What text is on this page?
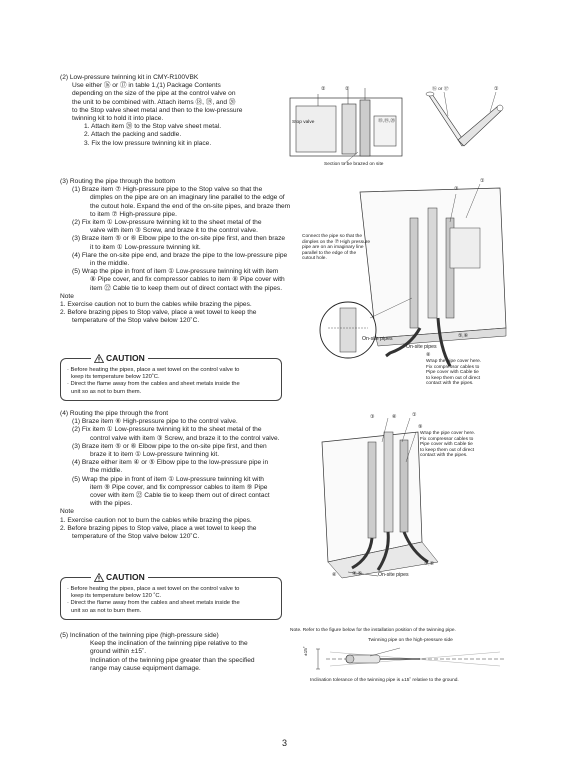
(2) Low-pressure twinning kit in CMY-R100VBK

Use either ⑯ or ⑰ in table 1,(1) Package Contents

depending on the size of the pipe at the control valve on

the unit to be combined with. Attach items ⑱, ⑲, and ⑳

to the Stop valve sheet metal and then to the low-pressure

twinning kit to hold it into place.

1. Attach item ⑳ to the Stop valve sheet metal.

2. Attach the packing and saddle.

3. Fix the low pressure twinning kit in place.

Stop valve
②	②
⑱,⑲,⑳
Section to be brazed on site
⑯ or ⑰	①

(3) Routing the pipe through the bottom

(1) Braze item ⑦ High-pressure pipe to the Stop valve so that the

dimples on the pipe are on an imaginary line parallel to the edge of

the cutout hole. Expand the end of the on-site pipes, and braze them

to item ⑦ High-pressure pipe.

(2) Fix item ① Low-pressure twinning kit to the sheet metal of the

valve with item ③ Screw, and braze it to the control valve.

(3) Braze item ⑤ or ⑥ Elbow pipe to the on-site pipe first, and then braze

it to item ① Low-pressure twinning kit.

(4) Flare the on-site pipe end, and braze the pipe to the low-pressure pipe

in the middle.

(5) Wrap the pipe in front of item ① Low-pressure twinning kit with item

⑧ Pipe cover, and fix compressor cables to item ⑧ Pipe cover with

item ㉒ Cable tie to keep them out of direct contact with the pipes.

Note

1. Exercise caution not to burn the cables while brazing the pipes.

2. Before brazing pipes to Stop valve, place a wet towel to keep the

temperature of the Stop valve below 120˚C.

CAUTION

· Before heating the pipes, place a wet towel on the control valve to

keep its temperature below 120˚C.

· Direct the flame away from the cables and sheet metals inside the

unit so as not to burn them.

Connect the pipe so that the
dimples on the ⑦ High pressure
pipe are on an imaginary line
parallel to the edge of the
cutout hole.
①
③
⑤,⑥
On-site pipes
On-site pipes
⑧
Wrap the pipe cover here.
Fix compressor cables to
Pipe cover with Cable tie
to keep them out of direct
contact with the pipes.

(4) Routing the pipe through the front

(1) Braze item ⑥ High-pressure pipe to the control valve.

(2) Fix item ① Low-pressure twinning kit to the sheet metal of the

control valve with item ③ Screw, and braze it to the control valve.

(3) Braze item ⑤ or ⑥ Elbow pipe to the on-site pipe first, and then

braze it to item ① Low-pressure twinning kit.

(4) Braze either item ④ or ⑤ Elbow pipe to the low-pressure pipe in

the middle.

(5) Wrap the pipe in front of item ① Low-pressure twinning kit with

item ⑨ Pipe cover, and fix compressor cables to item ⑨ Pipe

cover with item ㉒ Cable tie to keep them out of direct contact

with the pipes.

Note

1. Exercise caution not to burn the cables while brazing the pipes.

2. Before brazing pipes to Stop valve, place a wet towel to keep the

temperature of the Stop valve below 120˚C.

CAUTION

· Before heating the pipes, place a wet towel on the control valve to

keep its temperature below 120 ˚C.

· Direct the flame away from the cables and sheet metals inside the

unit so as not to burn them.

③	⑥	①
⑨
Wrap the pipe cover here.
Fix compressor cables to
Pipe cover with Cable tie
to keep them out of direct
contact with the pipes.
⑤,⑥
⑥	④,⑤	On-site pipes

(5) Inclination of the twinning pipe (high-pressure side)

Keep the inclination of the twinning pipe relative to the

ground within ±15˚.

Inclination of the twinning pipe greater than the specified

range may cause equipment damage.

Note. Refer to the figure below for the installation position of the twinning pipe.
Twinning pipe on the high-pressure side
±15˚
Inclination tolerance of the twinning pipe is ±15˚ relative to the ground.
3
